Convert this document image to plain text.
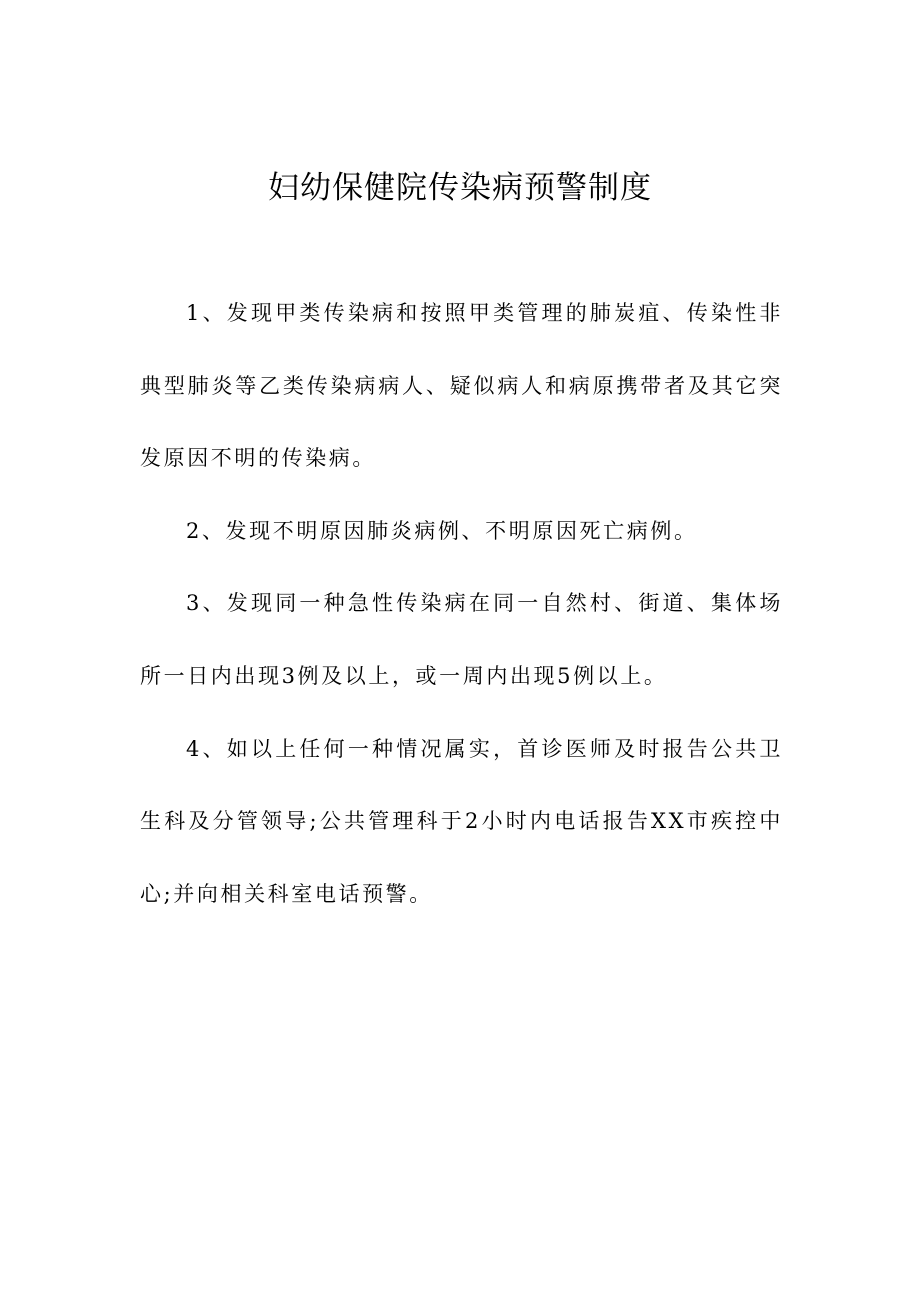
妇幼保健院传染病预警制度

1、发现甲类传染病和按照甲类管理的肺炭疽、传染性非典型肺炎等乙类传染病病人、疑似病人和病原携带者及其它突发原因不明的传染病。

2、发现不明原因肺炎病例、不明原因死亡病例。

3、发现同一种急性传染病在同一自然村、街道、集体场所一日内出现3例及以上，或一周内出现5例以上。

4、如以上任何一种情况属实，首诊医师及时报告公共卫生科及分管领导;公共管理科于2小时内电话报告XX市疾控中心;并向相关科室电话预警。
